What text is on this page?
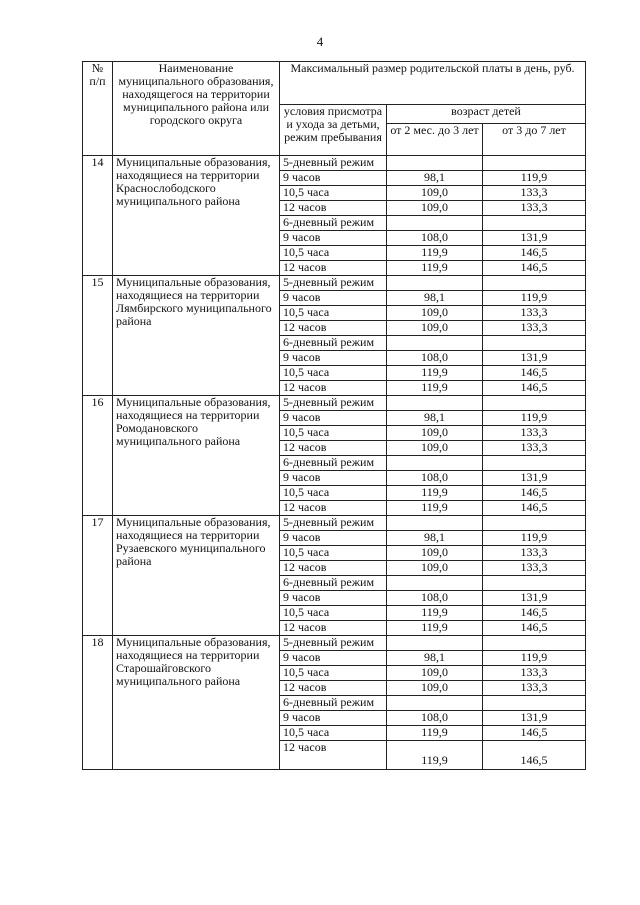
4
№ п/п	Наименование муниципального образования, находящегося на территории муниципального района или городского округа	Максимальный размер родительской платы в день, руб.		
		условия присмотра и ухода за детьми, режим пребывания	возраст детей	
			от 2 мес. до 3 лет	от 3 до 7 лет
14	Муниципальные образования, находящиеся на территории Краснослободского муниципального района	5-дневный режим		
		9 часов	98,1	119,9
		10,5 часа	109,0	133,3
		12 часов	109,0	133,3
		6-дневный режим		
		9 часов	108,0	131,9
		10,5 часа	119,9	146,5
		12 часов	119,9	146,5
15	Муниципальные образования, находящиеся на территории Лямбирского муниципального района	5-дневный режим		
		9 часов	98,1	119,9
		10,5 часа	109,0	133,3
		12 часов	109,0	133,3
		6-дневный режим		
		9 часов	108,0	131,9
		10,5 часа	119,9	146,5
		12 часов	119,9	146,5
16	Муниципальные образования, находящиеся на территории Ромодановского муниципального района	5-дневный режим		
		9 часов	98,1	119,9
		10,5 часа	109,0	133,3
		12 часов	109,0	133,3
		6-дневный режим		
		9 часов	108,0	131,9
		10,5 часа	119,9	146,5
		12 часов	119,9	146,5
17	Муниципальные образования, находящиеся на территории Рузаевского муниципального района	5-дневный режим		
		9 часов	98,1	119,9
		10,5 часа	109,0	133,3
		12 часов	109,0	133,3
		6-дневный режим		
		9 часов	108,0	131,9
		10,5 часа	119,9	146,5
		12 часов	119,9	146,5
18	Муниципальные образования, находящиеся на территории Старошайговского муниципального района	5-дневный режим		
		9 часов	98,1	119,9
		10,5 часа	109,0	133,3
		12 часов	109,0	133,3
		6-дневный режим		
		9 часов	108,0	131,9
		10,5 часа	119,9	146,5
		12 часов	119,9	146,5
